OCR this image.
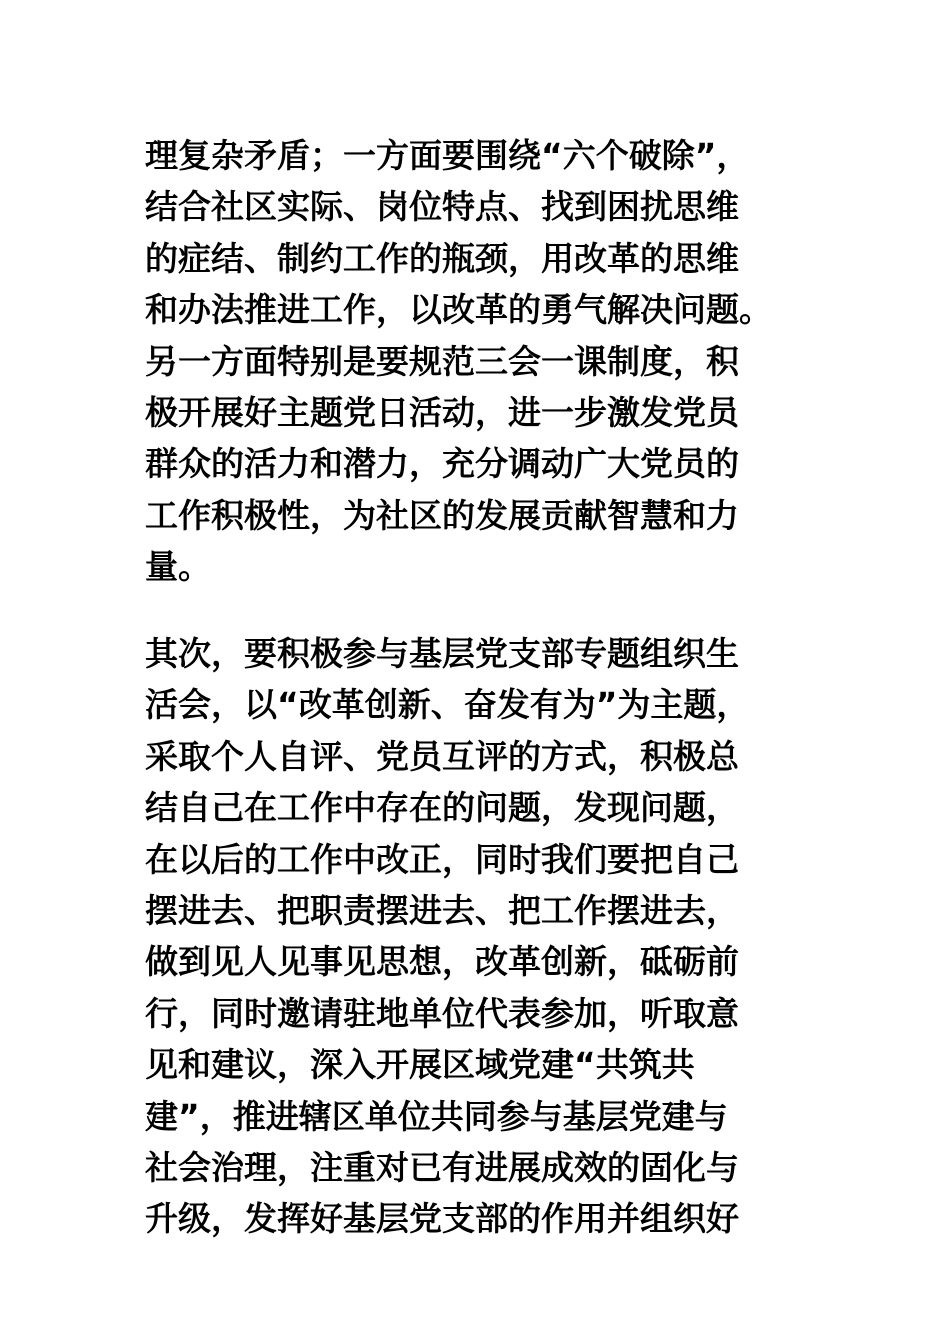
理复杂矛盾；一方面要围绕“六个破除”，
结合社区实际、岗位特点、找到困扰思维
的症结、制约工作的瓶颈，用改革的思维
和办法推进工作，以改革的勇气解决问题。
另一方面特别是要规范三会一课制度，积
极开展好主题党日活动，进一步激发党员
群众的活力和潜力，充分调动广大党员的
工作积极性，为社区的发展贡献智慧和力
量。
其次，要积极参与基层党支部专题组织生
活会，以“改革创新、奋发有为”为主题，
采取个人自评、党员互评的方式，积极总
结自己在工作中存在的问题，发现问题，
在以后的工作中改正，同时我们要把自己
摆进去、把职责摆进去、把工作摆进去，
做到见人见事见思想，改革创新，砥砺前
行，同时邀请驻地单位代表参加，听取意
见和建议，深入开展区域党建“共筑共
建”，推进辖区单位共同参与基层党建与
社会治理，注重对已有进展成效的固化与
升级，发挥好基层党支部的作用并组织好
